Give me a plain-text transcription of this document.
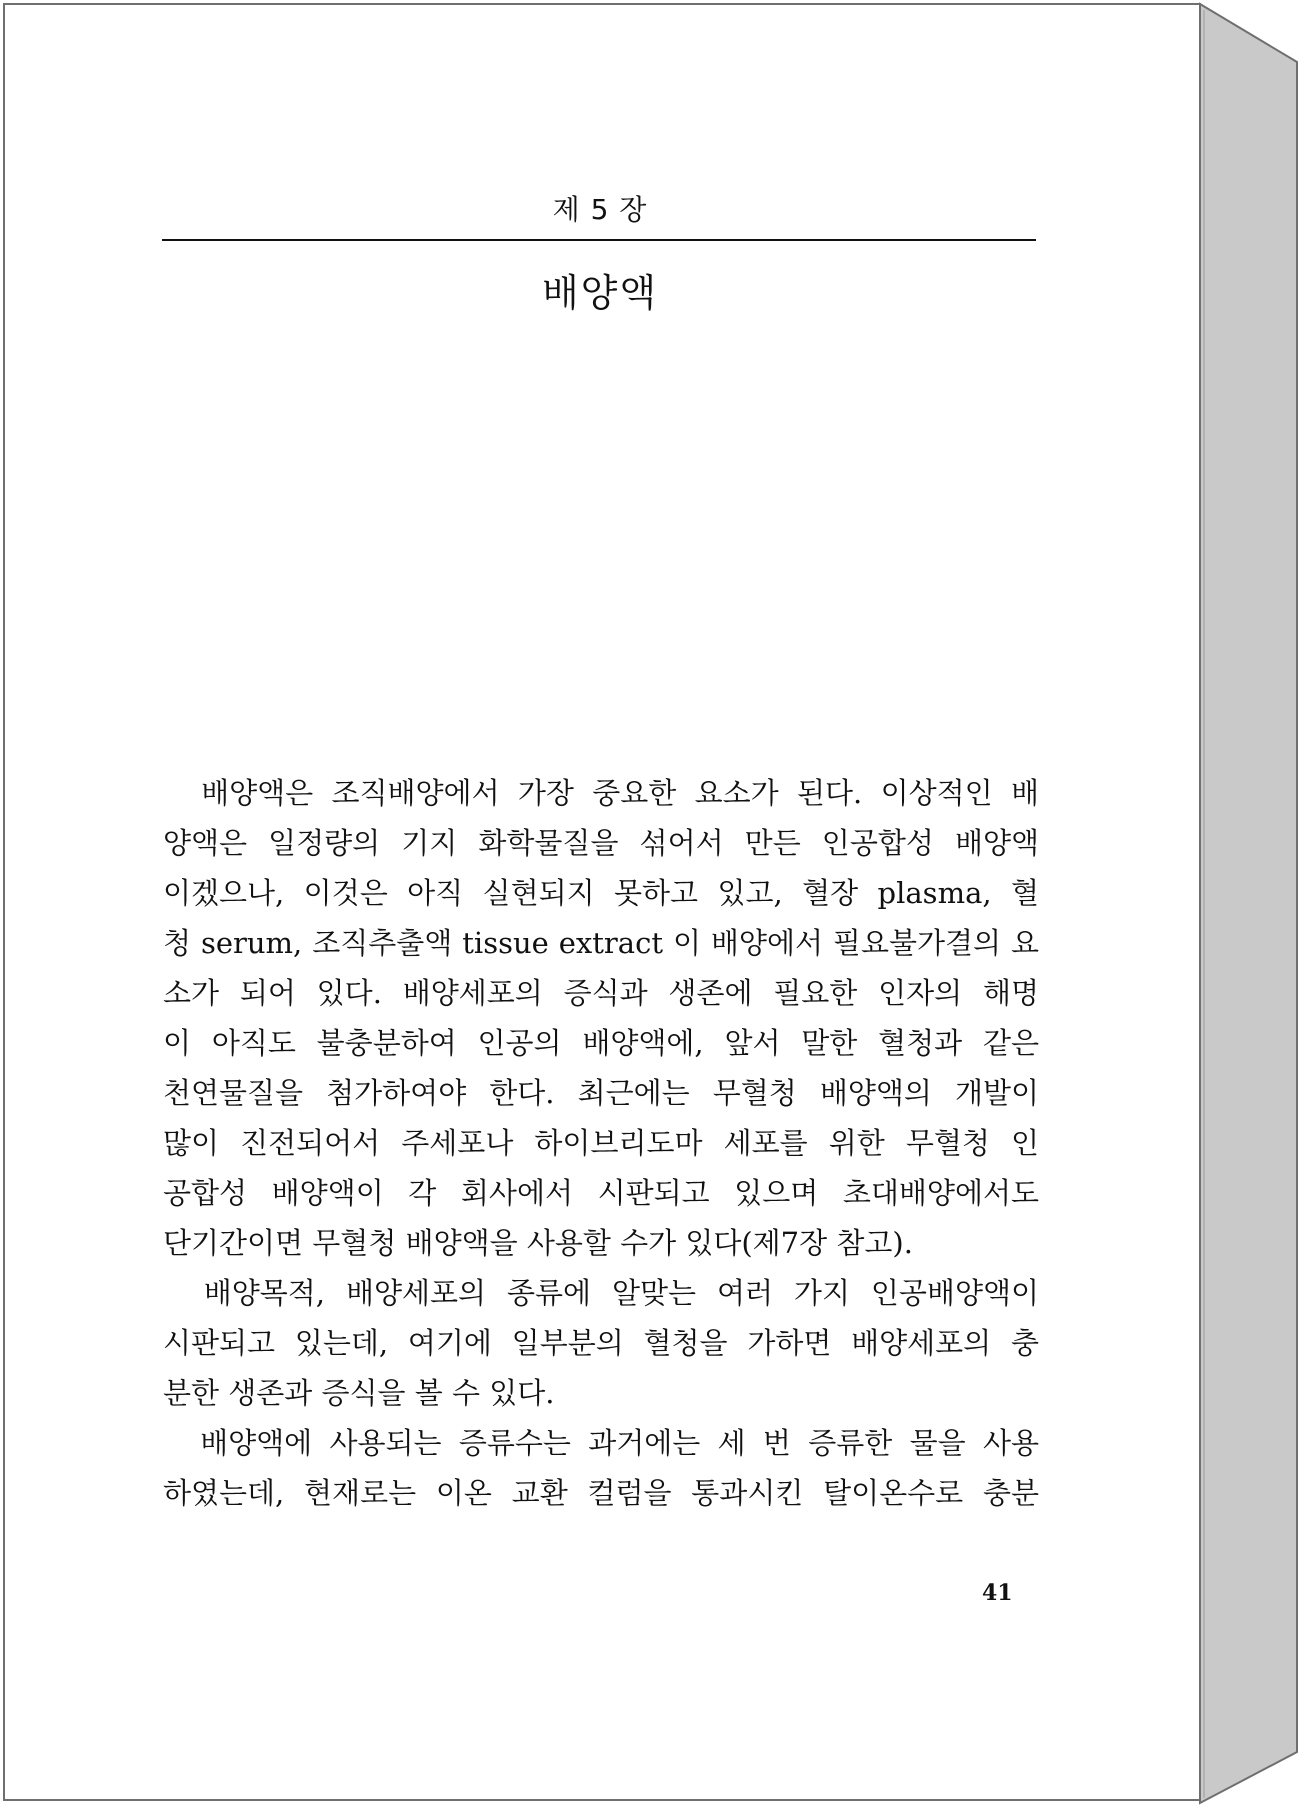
제 5 장
배양액
　배양액은 조직배양에서 가장 중요한 요소가 된다. 이상적인 배
양액은 일정량의 기지 화학물질을 섞어서 만든 인공합성 배양액
이겠으나, 이것은 아직 실현되지 못하고 있고, 혈장 plasma, 혈
청 serum, 조직추출액 tissue extract 이 배양에서 필요불가결의 요
소가 되어 있다. 배양세포의 증식과 생존에 필요한 인자의 해명
이 아직도 불충분하여 인공의 배양액에, 앞서 말한 혈청과 같은
천연물질을 첨가하여야 한다. 최근에는 무혈청 배양액의 개발이
많이 진전되어서 주세포나 하이브리도마 세포를 위한 무혈청 인
공합성 배양액이 각 회사에서 시판되고 있으며 초대배양에서도
단기간이면 무혈청 배양액을 사용할 수가 있다(제7장 참고).
　배양목적, 배양세포의 종류에 알맞는 여러 가지 인공배양액이
시판되고 있는데, 여기에 일부분의 혈청을 가하면 배양세포의 충
분한 생존과 증식을 볼 수 있다.
　배양액에 사용되는 증류수는 과거에는 세 번 증류한 물을 사용
하였는데, 현재로는 이온 교환 컬럼을 통과시킨 탈이온수로 충분
41
